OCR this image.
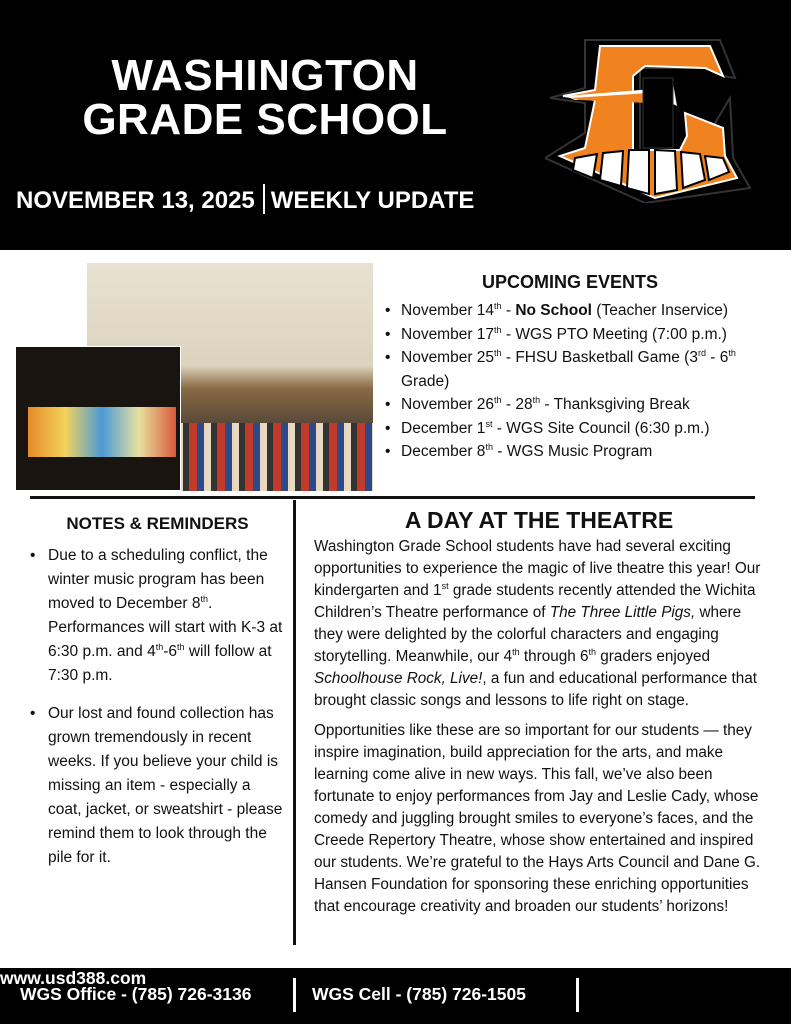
WASHINGTON
GRADE SCHOOL
NOVEMBER 13, 2025 WEEKLY UPDATE
UPCOMING EVENTS
• November 14th - No School (Teacher Inservice)
• November 17th - WGS PTO Meeting (7:00 p.m.)
• November 25th - FHSU Basketball Game (3rd - 6th Grade)
• November 26th - 28th - Thanksgiving Break
• December 1st - WGS Site Council (6:30 p.m.)
• December 8th - WGS Music Program
NOTES & REMINDERS
• Due to a scheduling conflict, the winter music program has been moved to December 8th. Performances will start with K-3 at 6:30 p.m. and 4th-6th will follow at 7:30 p.m.
• Our lost and found collection has grown tremendously in recent weeks. If you believe your child is missing an item - especially a coat, jacket, or sweatshirt - please remind them to look through the pile for it.
A DAY AT THE THEATRE

Washington Grade School students have had several exciting opportunities to experience the magic of live theatre this year! Our kindergarten and 1st grade students recently attended the Wichita Children’s Theatre performance of The Three Little Pigs, where they were delighted by the colorful characters and engaging storytelling. Meanwhile, our 4th through 6th graders enjoyed Schoolhouse Rock, Live!, a fun and educational performance that brought classic songs and lessons to life right on stage.

Opportunities like these are so important for our students — they inspire imagination, build appreciation for the arts, and make learning come alive in new ways. This fall, we’ve also been fortunate to enjoy performances from Jay and Leslie Cady, whose comedy and juggling brought smiles to everyone’s faces, and the Creede Repertory Theatre, whose show entertained and inspired our students. We’re grateful to the Hays Arts Council and Dane G. Hansen Foundation for sponsoring these enriching opportunities that encourage creativity and broaden our students’ horizons!

WGS Office - (785) 726-3136	WGS Cell - (785) 726-1505
www.usd388.com
